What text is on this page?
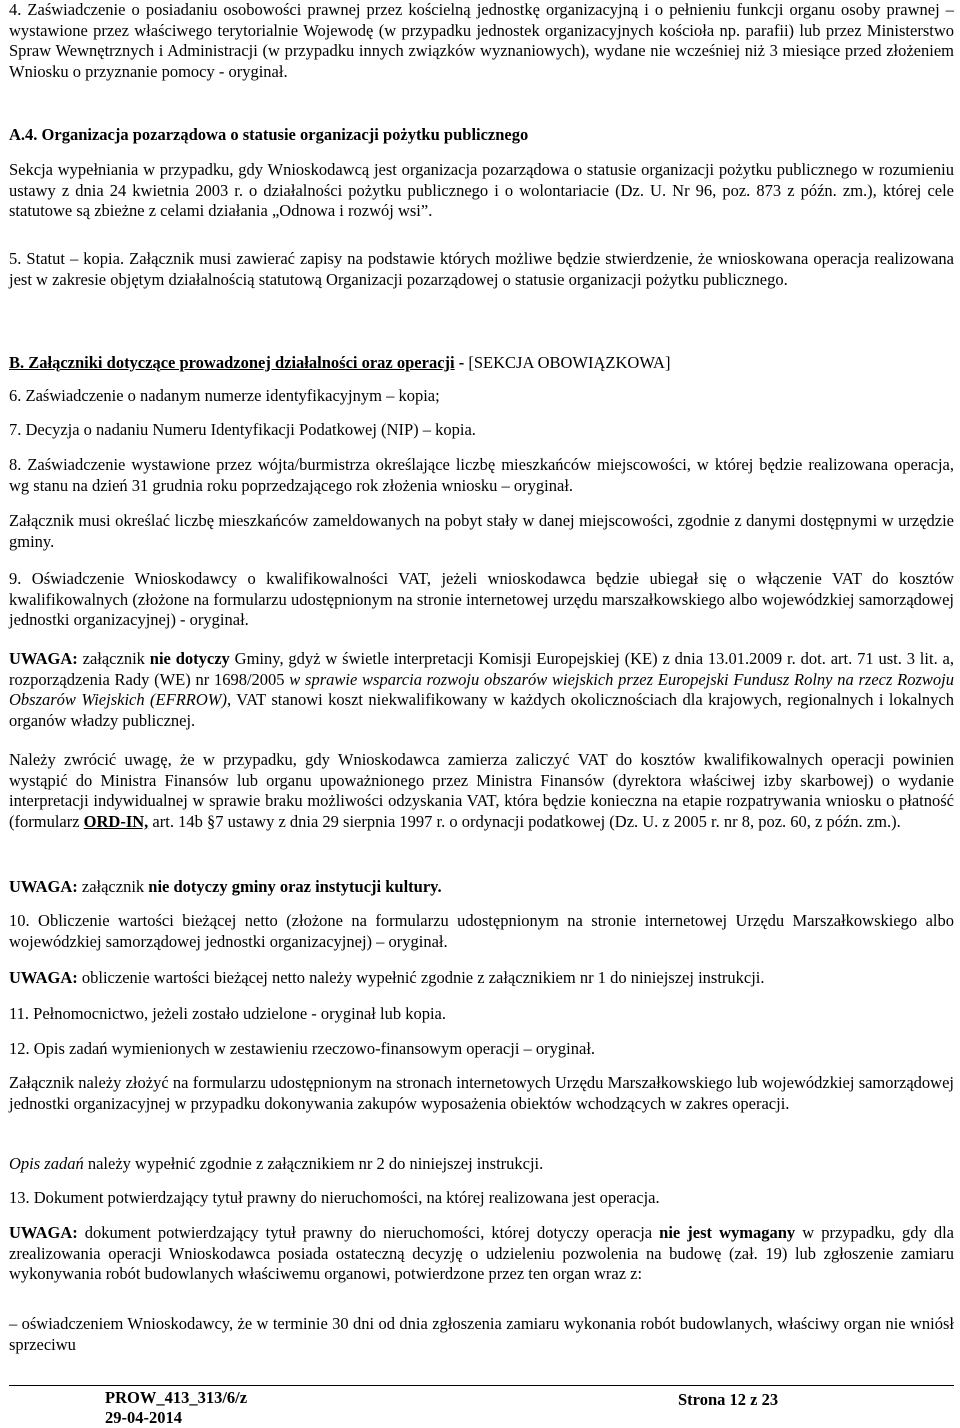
4. Zaświadczenie o posiadaniu osobowości prawnej przez kościelną jednostkę organizacyjną i o pełnieniu funkcji organu osoby prawnej – wystawione przez właściwego terytorialnie Wojewodę (w przypadku jednostek organizacyjnych kościoła np. parafii) lub przez Ministerstwo Spraw Wewnętrznych i Administracji (w przypadku innych związków wyznaniowych), wydane nie wcześniej niż 3 miesiące przed złożeniem Wniosku o przyznanie pomocy - oryginał.

A.4. Organizacja pozarządowa o statusie organizacji pożytku publicznego

Sekcja wypełniania w przypadku, gdy Wnioskodawcą jest organizacja pozarządowa o statusie organizacji pożytku publicznego w rozumieniu ustawy z dnia 24 kwietnia 2003 r. o działalności pożytku publicznego i o wolontariacie (Dz. U. Nr 96, poz. 873 z późn. zm.), której cele statutowe są zbieżne z celami działania „Odnowa i rozwój wsi”.

5. Statut – kopia. Załącznik musi zawierać zapisy na podstawie których możliwe będzie stwierdzenie, że wnioskowana operacja realizowana jest w zakresie objętym działalnością statutową Organizacji pozarządowej o statusie organizacji pożytku publicznego.

B. Załączniki dotyczące prowadzonej działalności oraz operacji - [SEKCJA OBOWIĄZKOWA]

6. Zaświadczenie o nadanym numerze identyfikacyjnym – kopia;

7. Decyzja o nadaniu Numeru Identyfikacji Podatkowej (NIP) – kopia.

8. Zaświadczenie wystawione przez wójta/burmistrza określające liczbę mieszkańców miejscowości, w której będzie realizowana operacja, wg stanu na dzień 31 grudnia roku poprzedzającego rok złożenia wniosku – oryginał.

Załącznik musi określać liczbę mieszkańców zameldowanych na pobyt stały w danej miejscowości, zgodnie z danymi dostępnymi w urzędzie gminy.

9. Oświadczenie Wnioskodawcy o kwalifikowalności VAT, jeżeli wnioskodawca będzie ubiegał się o włączenie VAT do kosztów kwalifikowalnych (złożone na formularzu udostępnionym na stronie internetowej urzędu marszałkowskiego albo wojewódzkiej samorządowej jednostki organizacyjnej) - oryginał.

UWAGA: załącznik nie dotyczy Gminy, gdyż w świetle interpretacji Komisji Europejskiej (KE) z dnia 13.01.2009 r. dot. art. 71 ust. 3 lit. a, rozporządzenia Rady (WE) nr 1698/2005 w sprawie wsparcia rozwoju obszarów wiejskich przez Europejski Fundusz Rolny na rzecz Rozwoju Obszarów Wiejskich (EFRROW), VAT stanowi koszt niekwalifikowany w każdych okolicznościach dla krajowych, regionalnych i lokalnych organów władzy publicznej.

Należy zwrócić uwagę, że w przypadku, gdy Wnioskodawca zamierza zaliczyć VAT do kosztów kwalifikowalnych operacji powinien wystąpić do Ministra Finansów lub organu upoważnionego przez Ministra Finansów (dyrektora właściwej izby skarbowej) o wydanie interpretacji indywidualnej w sprawie braku możliwości odzyskania VAT, która będzie konieczna na etapie rozpatrywania wniosku o płatność (formularz ORD-IN, art. 14b §7 ustawy z dnia 29 sierpnia 1997 r. o ordynacji podatkowej (Dz. U. z 2005 r. nr 8, poz. 60, z późn. zm.).

UWAGA: załącznik nie dotyczy gminy oraz instytucji kultury.

10. Obliczenie wartości bieżącej netto (złożone na formularzu udostępnionym na stronie internetowej Urzędu Marszałkowskiego albo wojewódzkiej samorządowej jednostki organizacyjnej) – oryginał.

UWAGA: obliczenie wartości bieżącej netto należy wypełnić zgodnie z załącznikiem nr 1 do niniejszej instrukcji.

11. Pełnomocnictwo, jeżeli zostało udzielone - oryginał lub kopia.

12. Opis zadań wymienionych w zestawieniu rzeczowo-finansowym operacji – oryginał.

Załącznik należy złożyć na formularzu udostępnionym na stronach internetowych Urzędu Marszałkowskiego lub wojewódzkiej samorządowej jednostki organizacyjnej w przypadku dokonywania zakupów wyposażenia obiektów wchodzących w zakres operacji.

Opis zadań należy wypełnić zgodnie z załącznikiem nr 2 do niniejszej instrukcji.

13. Dokument potwierdzający tytuł prawny do nieruchomości, na której realizowana jest operacja.

UWAGA: dokument potwierdzający tytuł prawny do nieruchomości, której dotyczy operacja nie jest wymagany w przypadku, gdy dla zrealizowania operacji Wnioskodawca posiada ostateczną decyzję o udzieleniu pozwolenia na budowę (zał. 19) lub zgłoszenie zamiaru wykonywania robót budowlanych właściwemu organowi, potwierdzone przez ten organ wraz z:

– oświadczeniem Wnioskodawcy, że w terminie 30 dni od dnia zgłoszenia zamiaru wykonania robót budowlanych, właściwy organ nie wniósł sprzeciwu

PROW_413_313/6/z
29-04-2014
Strona 12 z 23
